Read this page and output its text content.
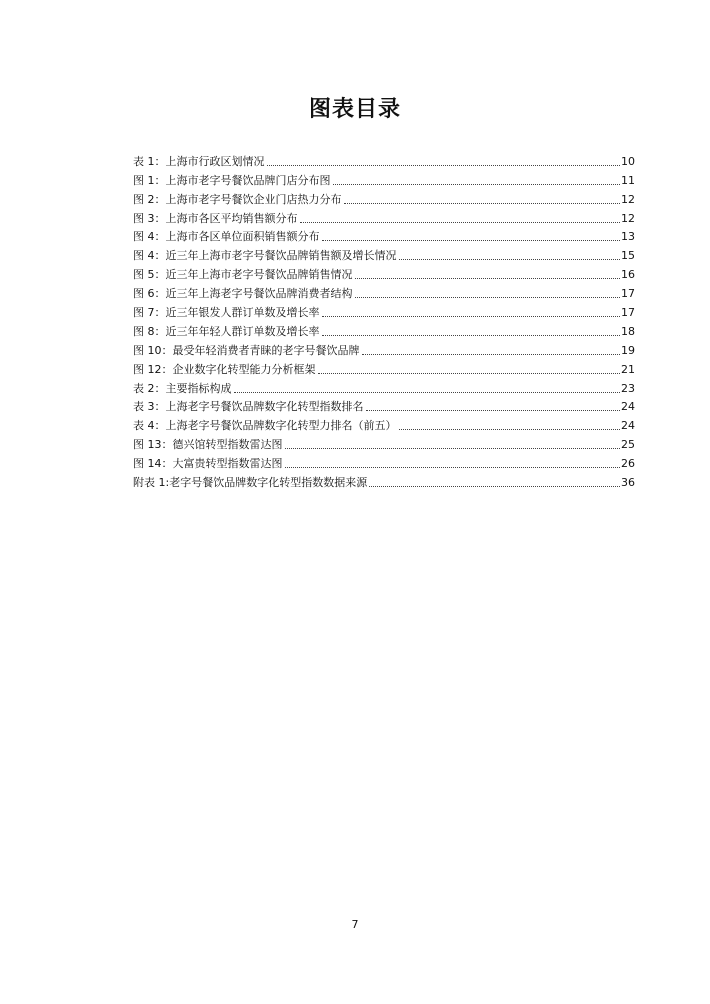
图表目录
表 1：上海市行政区划情况	10
图 1：上海市老字号餐饮品牌门店分布图	11
图 2：上海市老字号餐饮企业门店热力分布	12
图 3：上海市各区平均销售额分布	12
图 4：上海市各区单位面积销售额分布	13
图 4：近三年上海市老字号餐饮品牌销售额及增长情况	15
图 5：近三年上海市老字号餐饮品牌销售情况	16
图 6：近三年上海老字号餐饮品牌消费者结构	17
图 7：近三年银发人群订单数及增长率	17
图 8：近三年年轻人群订单数及增长率	18
图 10：最受年轻消费者青睐的老字号餐饮品牌	19
图 12：企业数字化转型能力分析框架	21
表 2：主要指标构成	23
表 3：上海老字号餐饮品牌数字化转型指数排名	24
表 4：上海老字号餐饮品牌数字化转型力排名（前五）	24
图 13：德兴馆转型指数雷达图	25
图 14：大富贵转型指数雷达图	26
附表 1:老字号餐饮品牌数字化转型指数数据来源	36
7
